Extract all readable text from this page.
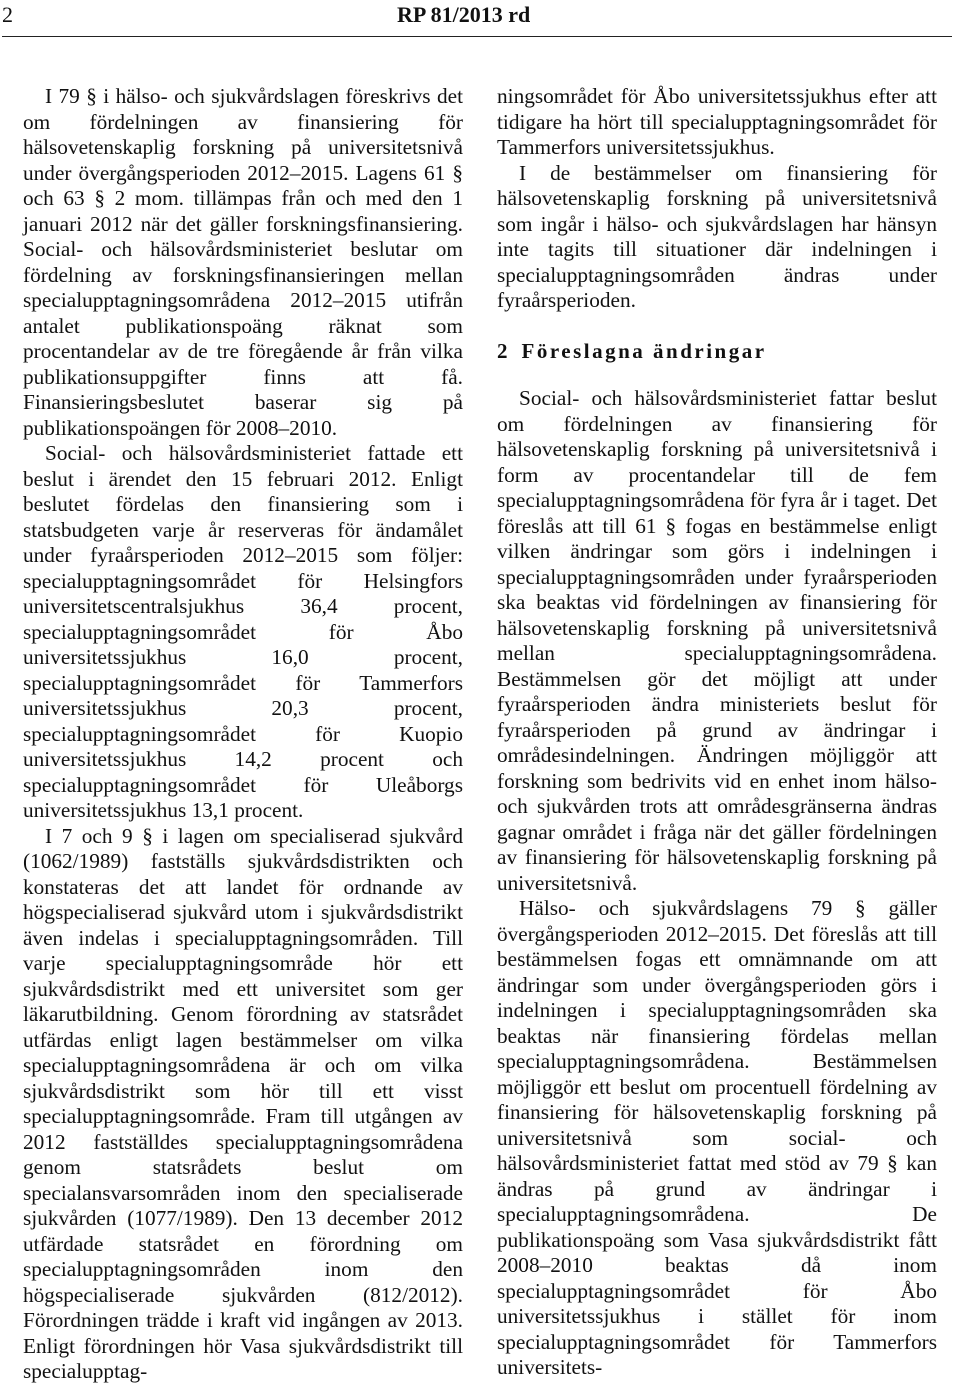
2	RP 81/2013 rd

I 79 § i hälso- och sjukvårdslagen föreskrivs det om fördelningen av finansiering för hälsovetenskaplig forskning på universitetsnivå under övergångsperioden 2012–2015. Lagens 61 § och 63 § 2 mom. tillämpas från och med den 1 januari 2012 när det gäller forskningsfinansiering. Social- och hälsovårdsministeriet beslutar om fördelning av forskningsfinansieringen mellan specialupptagningsområdena 2012–2015 utifrån antalet publikationspoäng räknat som procentandelar av de tre föregående år från vilka publikationsuppgifter finns att få. Finansieringsbeslutet baserar sig på publikationspoängen för 2008–2010.

Social- och hälsovårdsministeriet fattade ett beslut i ärendet den 15 februari 2012. Enligt beslutet fördelas den finansiering som i statsbudgeten varje år reserveras för ändamålet under fyraårsperioden 2012–2015 som följer: specialupptagningsområdet för Helsingfors universitetscentralsjukhus 36,4 procent, specialupptagningsområdet för Åbo universitetssjukhus 16,0 procent, specialupptagningsområdet för Tammerfors universitetssjukhus 20,3 procent, specialupptagningsområdet för Kuopio universitetssjukhus 14,2 procent och specialupptagningsområdet för Uleåborgs universitetssjukhus 13,1 procent.

I 7 och 9 § i lagen om specialiserad sjukvård (1062/1989) fastställs sjukvårdsdistrikten och konstateras det att landet för ordnande av högspecialiserad sjukvård utom i sjukvårdsdistrikt även indelas i specialupptagningsområden. Till varje specialupptagningsområde hör ett sjukvårdsdistrikt med ett universitet som ger läkarutbildning. Genom förordning av statsrådet utfärdas enligt lagen bestämmelser om vilka specialupptagningsområdena är och om vilka sjukvårdsdistrikt som hör till ett visst specialupptagningsområde. Fram till utgången av 2012 fastställdes specialupptagningsområdena genom statsrådets beslut om specialansvarsområden inom den specialiserade sjukvården (1077/1989). Den 13 december 2012 utfärdade statsrådet en förordning om specialupptagningsområden inom den högspecialiserade sjukvården (812/2012). Förordningen trädde i kraft vid ingången av 2013. Enligt förordningen hör Vasa sjukvårdsdistrikt till specialupptag-

ningsområdet för Åbo universitetssjukhus efter att tidigare ha hört till specialupptagningsområdet för Tammerfors universitetssjukhus.

I de bestämmelser om finansiering för hälsovetenskaplig forskning på universitetsnivå som ingår i hälso- och sjukvårdslagen har hänsyn inte tagits till situationer där indelningen i specialupptagningsområden ändras under fyraårsperioden.

2 Föreslagna ändringar

Social- och hälsovårdsministeriet fattar beslut om fördelningen av finansiering för hälsovetenskaplig forskning på universitetsnivå i form av procentandelar till de fem specialupptagningsområdena för fyra år i taget. Det föreslås att till 61 § fogas en bestämmelse enligt vilken ändringar som görs i indelningen i specialupptagningsområden under fyraårsperioden ska beaktas vid fördelningen av finansiering för hälsovetenskaplig forskning på universitetsnivå mellan specialupptagningsområdena. Bestämmelsen gör det möjligt att under fyraårsperioden ändra ministeriets beslut för fyraårsperioden på grund av ändringar i områdesindelningen. Ändringen möjliggör att forskning som bedrivits vid en enhet inom hälso- och sjukvården trots att områdesgränserna ändras gagnar området i fråga när det gäller fördelningen av finansiering för hälsovetenskaplig forskning på universitetsnivå.

Hälso- och sjukvårdslagens 79 § gäller övergångsperioden 2012–2015. Det föreslås att till bestämmelsen fogas ett omnämnande om att ändringar som under övergångsperioden görs i indelningen i specialupptagningsområden ska beaktas när finansiering fördelas mellan specialupptagningsområdena. Bestämmelsen möjliggör ett beslut om procentuell fördelning av finansiering för hälsovetenskaplig forskning på universitetsnivå som social- och hälsovårdsministeriet fattat med stöd av 79 § kan ändras på grund av ändringar i specialupptagningsområdena. De publikationspoäng som Vasa sjukvårdsdistrikt fått 2008–2010 beaktas då inom specialupptagningsområdet för Åbo universitetssjukhus i stället för inom specialupptagningsområdet för Tammerfors universitets-
